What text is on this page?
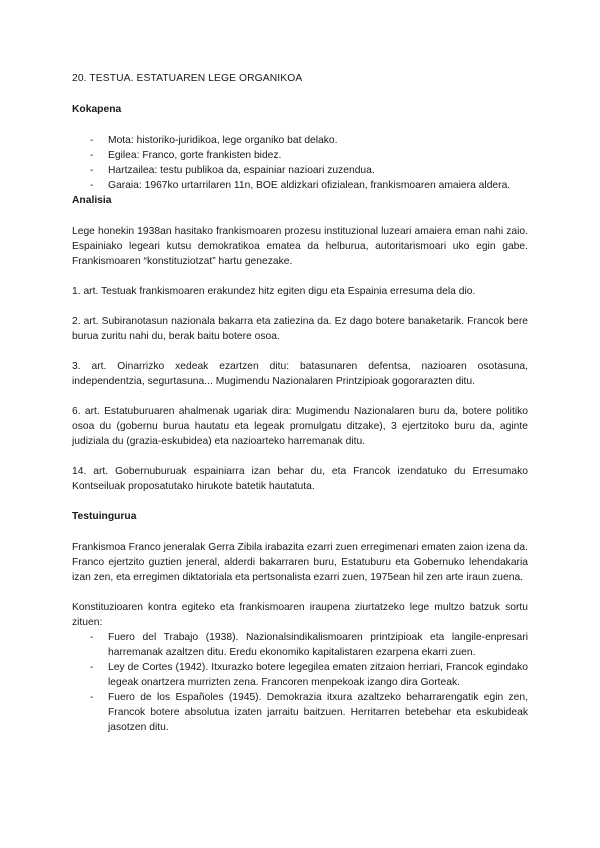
20. TESTUA. ESTATUAREN LEGE ORGANIKOA

Kokapena
- Mota: historiko-juridikoa, lege organiko bat delako.
- Egilea: Franco, gorte frankisten bidez.
- Hartzailea: testu publikoa da, espainiar nazioari zuzendua.
- Garaia: 1967ko urtarrilaren 11n, BOE aldizkari ofizialean, frankismoaren amaiera aldera.
Analisia

Lege honekin 1938an hasitako frankismoaren prozesu instituzional luzeari amaiera eman nahi zaio. Espainiako legeari kutsu demokratikoa ematea da helburua, autoritarismoari uko egin gabe. Frankismoaren “konstituziotzat” hartu genezake.

1. art. Testuak frankismoaren erakundez hitz egiten digu eta Espainia erresuma dela dio.

2. art. Subiranotasun nazionala bakarra eta zatiezina da. Ez dago botere banaketarik. Francok bere burua zuritu nahi du, berak baitu botere osoa.

3. art. Oinarrizko xedeak ezartzen ditu: batasunaren defentsa, nazioaren osotasuna, independentzia, segurtasuna... Mugimendu Nazionalaren Printzipioak gogorarazten ditu.

6. art. Estatuburuaren ahalmenak ugariak dira: Mugimendu Nazionalaren buru da, botere politiko osoa du (gobernu burua hautatu eta legeak promulgatu ditzake), 3 ejertzitoko buru da, aginte judiziala du (grazia-eskubidea) eta nazioarteko harremanak ditu.

14. art. Gobernuburuak espainiarra izan behar du, eta Francok izendatuko du Erresumako Kontseiluak proposatutako hirukote batetik hautatuta.

Testuingurua

Frankismoa Franco jeneralak Gerra Zibila irabazita ezarri zuen erregimenari ematen zaion izena da. Franco ejertzito guztien jeneral, alderdi bakarraren buru, Estatuburu eta Gobernuko lehendakaria izan zen, eta erregimen diktatoriala eta pertsonalista ezarri zuen, 1975ean hil zen arte iraun zuena.

Konstituzioaren kontra egiteko eta frankismoaren iraupena ziurtatzeko lege multzo batzuk sortu zituen:

- Fuero del Trabajo (1938). Nazionalsindikalismoaren printzipioak eta langile-enpresari harremanak azaltzen ditu. Eredu ekonomiko kapitalistaren ezarpena ekarri zuen.
- Ley de Cortes (1942). Itxurazko botere legegilea ematen zitzaion herriari, Francok egindako legeak onartzera murrizten zena. Francoren menpekoak izango dira Gorteak.
- Fuero de los Españoles (1945). Demokrazia itxura azaltzeko beharrarengatik egin zen, Francok botere absolutua izaten jarraitu baitzuen. Herritarren betebehar eta eskubideak jasotzen ditu.
